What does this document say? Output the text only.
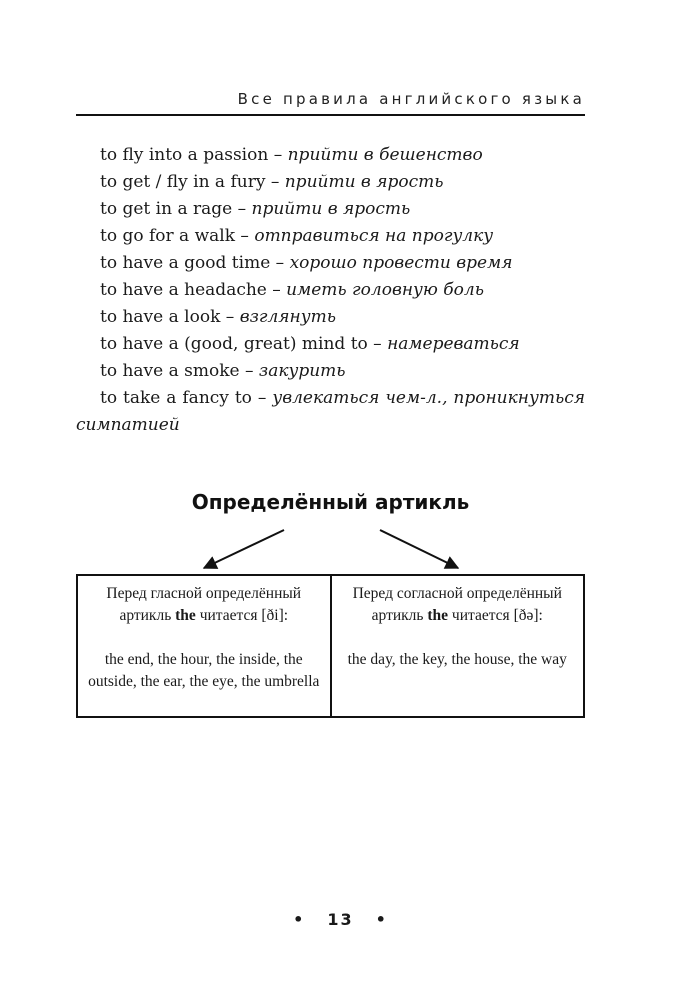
Все правила английского языка
to fly into a passion – прийти в бешенство
to get / fly in a fury – прийти в ярость
to get in a rage – прийти в ярость
to go for a walk – отправиться на прогулку
to have a good time – хорошо провести время
to have a headache – иметь головную боль
to have a look – взглянуть
to have a (good, great) mind to – намереваться
to have a smoke – закурить
to take a fancy to – увлекаться чем-л., проникнуться симпатией
Определённый артикль
Перед гласной определённый артикль the читается [ði]:
the end, the hour, the inside, the outside, the ear, the eye, the umbrella
Перед согласной определённый артикль the читается [ðə]:
the day, the key, the house, the way
• 13 •
